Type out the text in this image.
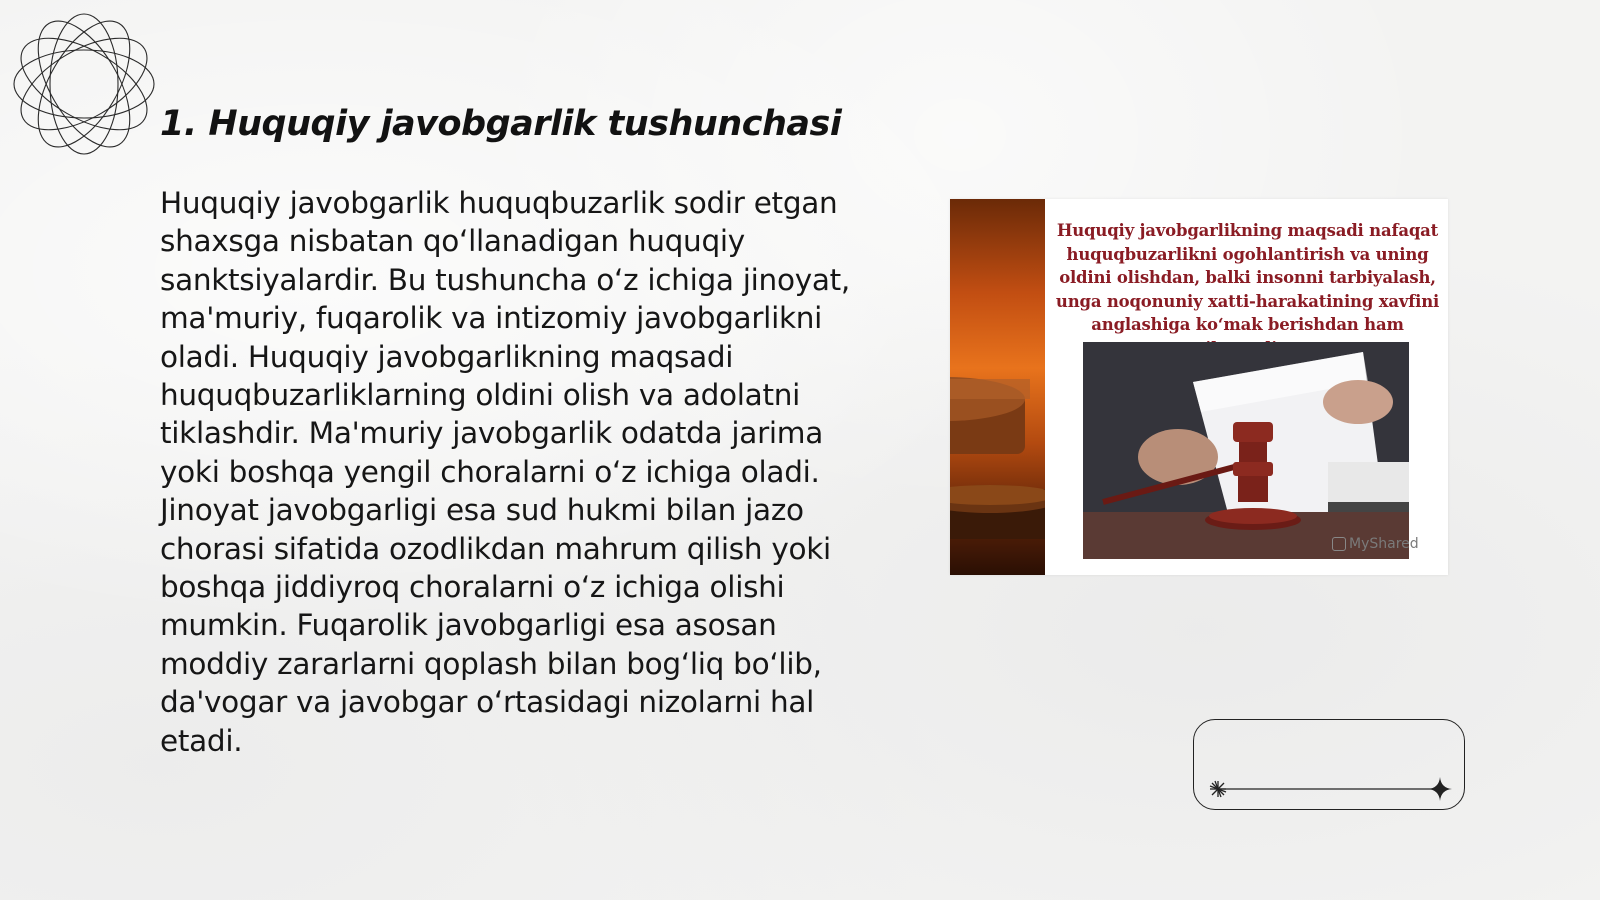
1. Huquqiy javobgarlik tushunchasi

Huquqiy javobgarlik huquqbuzarlik sodir etgan shaxsga nisbatan qoʻllanadigan huquqiy sanktsiyalardir. Bu tushuncha oʻz ichiga jinoyat, ma'muriy, fuqarolik va intizomiy javobgarlikni oladi. Huquqiy javobgarlikning maqsadi huquqbuzarliklarning oldini olish va adolatni tiklashdir. Ma'muriy javobgarlik odatda jarima yoki boshqa yengil choralarni oʻz ichiga oladi. Jinoyat javobgarligi esa sud hukmi bilan jazo chorasi sifatida ozodlikdan mahrum qilish yoki boshqa jiddiyroq choralarni oʻz ichiga olishi mumkin. Fuqarolik javobgarligi esa asosan moddiy zararlarni qoplash bilan bogʻliq boʻlib, da'vogar va javobgar oʻrtasidagi nizolarni hal etadi.

Huquqiy javobgarlikning maqsadi nafaqat huquqbuzarlikni ogohlantirish va uning oldini olishdan, balki insonni tarbiyalash, unga noqonuniy xatti-harakatining xavfini anglashiga koʻmak berishdan ham

MyShared
